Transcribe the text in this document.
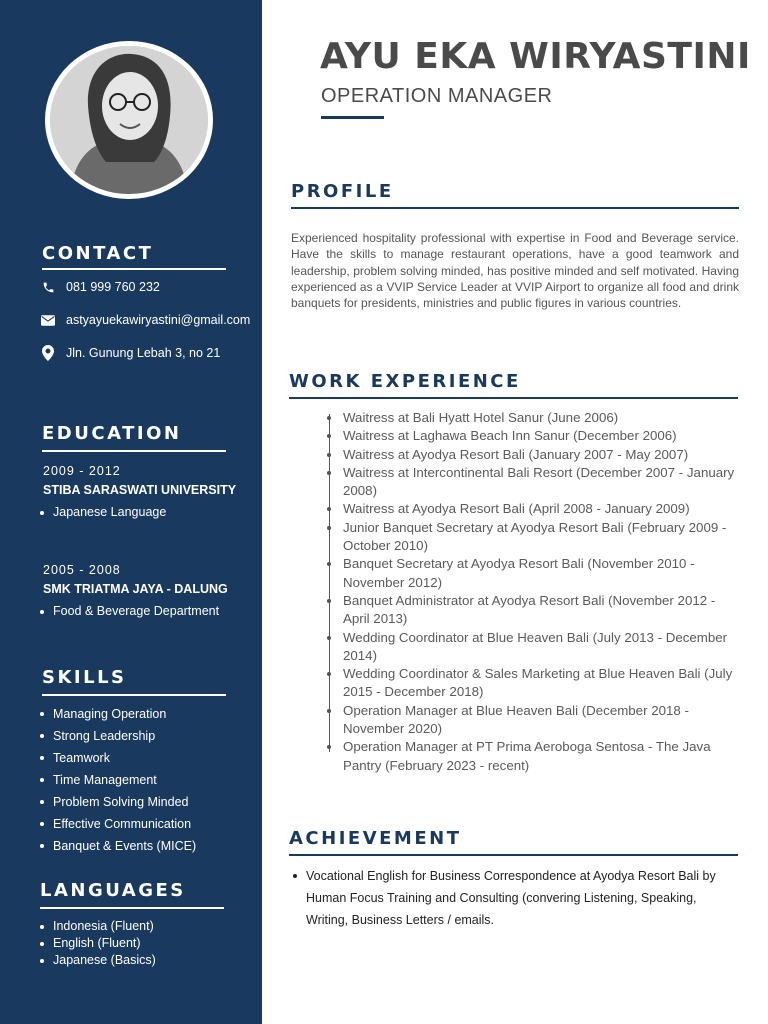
CONTACT
081 999 760 232
astyayuekawiryastini@gmail.com
Jln. Gunung Lebah 3, no 21
EDUCATION
2009 - 2012
STIBA SARASWATI UNIVERSITY
Japanese Language
2005 - 2008
SMK TRIATMA JAYA - DALUNG
Food & Beverage Department
SKILLS
Managing Operation
Strong Leadership
Teamwork
Time Management
Problem Solving Minded
Effective Communication
Banquet & Events (MICE)
LANGUAGES
Indonesia (Fluent)
English (Fluent)
Japanese (Basics)
AYU EKA WIRYASTINI
OPERATION MANAGER
PROFILE
Experienced hospitality professional with expertise in Food and Beverage service. Have the skills to manage restaurant operations, have a good teamwork and leadership, problem solving minded, has positive minded and self motivated. Having experienced as a VVIP Service Leader at VVIP Airport to organize all food and drink banquets for presidents, ministries and public figures in various countries.
WORK EXPERIENCE
Waitress at Bali Hyatt Hotel Sanur (June 2006)
Waitress at Laghawa Beach Inn Sanur (December 2006)
Waitress at Ayodya Resort Bali (January 2007 - May 2007)
Waitress at Intercontinental Bali Resort (December 2007 - January 2008)
Waitress at Ayodya Resort Bali (April 2008 - January 2009)
Junior Banquet Secretary at Ayodya Resort Bali (February 2009 - October 2010)
Banquet Secretary at Ayodya Resort Bali (November 2010 - November 2012)
Banquet Administrator at Ayodya Resort Bali (November 2012 - April 2013)
Wedding Coordinator at Blue Heaven Bali (July 2013 - December 2014)
Wedding Coordinator & Sales Marketing at Blue Heaven Bali (July 2015 - December 2018)
Operation Manager at Blue Heaven Bali (December 2018 - November 2020)
Operation Manager at PT Prima Aeroboga Sentosa - The Java Pantry (February 2023 - recent)
ACHIEVEMENT
Vocational English for Business Correspondence at Ayodya Resort Bali by Human Focus Training and Consulting (convering Listening, Speaking, Writing, Business Letters / emails.
